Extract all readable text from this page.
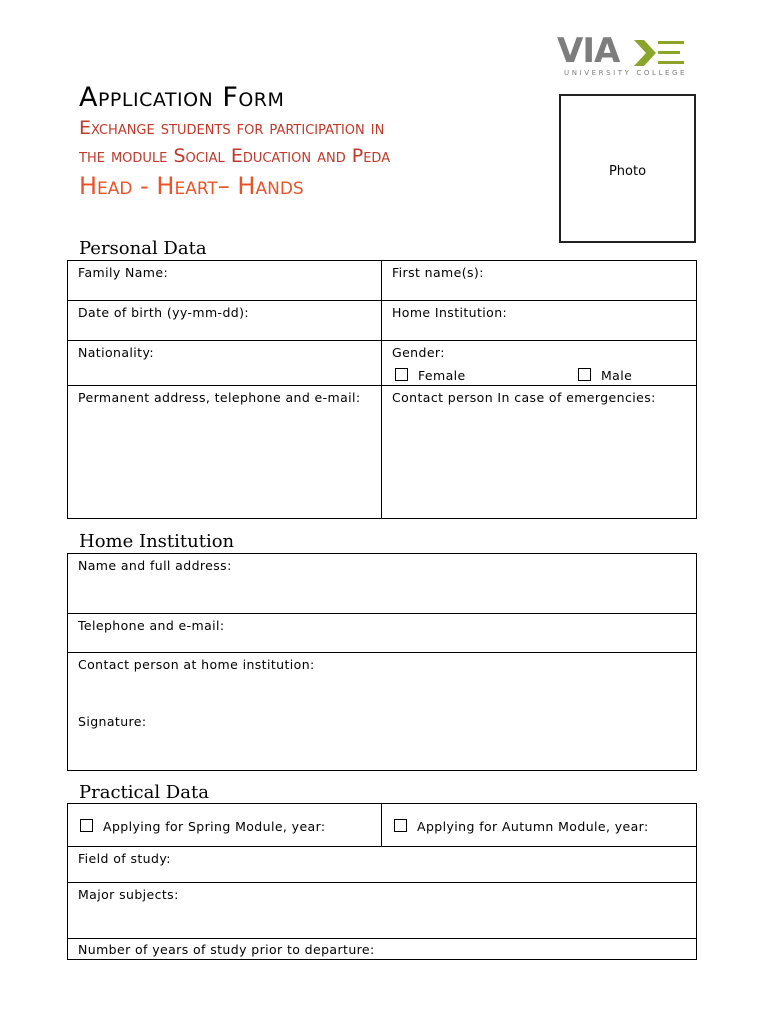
VIA
UNIVERSITY COLLEGE
Application Form
Exchange students for participation in
the module Social Education and Peda
Head - Heart– Hands
Photo
Personal Data
Family Name:	First name(s):
Date of birth (yy-mm-dd):	Home Institution:
Nationality:	Gender:
Female	Male
Permanent address, telephone and e-mail:	Contact person In case of emergencies:
Home Institution
Name and full address:
Telephone and e-mail:
Contact person at home institution:
Signature:
Practical Data
Applying for Spring Module, year:	Applying for Autumn Module, year:
Field of study:
Major subjects:
Number of years of study prior to departure:
